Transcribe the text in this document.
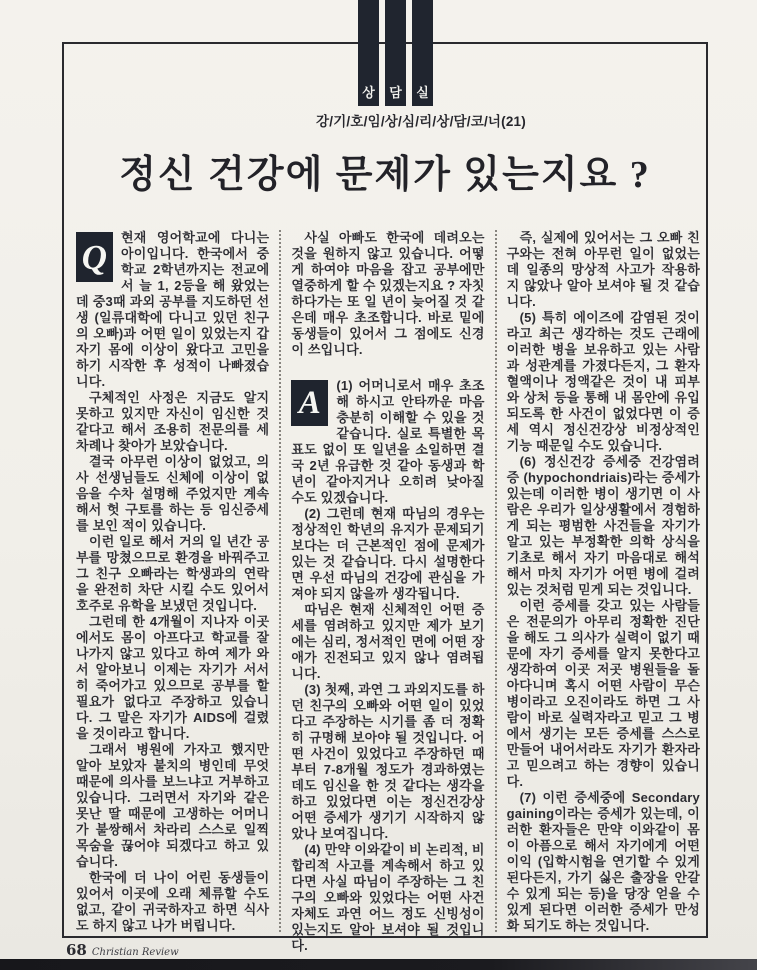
상	담	실
강/기/호/임/상/심/리/상/담/코/너(21)
정신 건강에 문제가 있는지요 ?

Q	현재 영어학교에 다니는 아이입니다. 한국에서 중학교 2학년까지는 전교에서 늘 1, 2등을 해 왔었는데 중3때 과외 공부를 지도하던 선생 (일류대학에 다니고 있던 친구의 오빠)과 어떤 일이 있었는지 갑자기 몸에 이상이 왔다고 고민을 하기 시작한 후 성적이 나빠졌습니다.

구체적인 사정은 지금도 알지 못하고 있지만 자신이 임신한 것 같다고 해서 조용히 전문의를 세 차례나 찾아가 보았습니다.

결국 아무런 이상이 없었고, 의사 선생님들도 신체에 이상이 없음을 수차 설명해 주었지만 계속해서 헛 구토를 하는 등 임신증세를 보인 적이 있습니다.

이런 일로 해서 거의 일 년간 공부를 망쳤으므로 환경을 바꿔주고 그 친구 오빠라는 학생과의 연락을 완전히 차단 시킬 수도 있어서 호주로 유학을 보냈던 것입니다.

그런데 한 4개월이 지나자 이곳에서도 몸이 아프다고 학교를 잘 나가지 않고 있다고 하여 제가 와서 알아보니 이제는 자기가 서서히 죽어가고 있으므로 공부를 할 필요가 없다고 주장하고 있습니다. 그 말은 자기가 AIDS에 걸렸을 것이라고 합니다.

그래서 병원에 가자고 했지만 알아 보았자 불치의 병인데 무엇 때문에 의사를 보느냐고 거부하고 있습니다. 그러면서 자기와 같은 못난 딸 때문에 고생하는 어머니가 불쌍해서 차라리 스스로 일찍 목숨을 끊어야 되겠다고 하고 있습니다.

한국에 더 나이 어린 동생들이 있어서 이곳에 오래 체류할 수도 없고, 같이 귀국하자고 하면 식사도 하지 않고 나가 버립니다.

사실 아빠도 한국에 데려오는 것을 원하지 않고 있습니다. 어떻게 하여야 마음을 잡고 공부에만 열중하게 할 수 있겠는지요 ? 자칫하다가는 또 일 년이 늦어질 것 같은데 매우 초조합니다. 바로 밑에 동생들이 있어서 그 점에도 신경이 쓰입니다.

A	(1) 어머니로서 매우 초조해 하시고 안타까운 마음 충분히 이해할 수 있을 것 같습니다. 실로 특별한 목표도 없이 또 일년을 소일하면 결국 2년 유급한 것 같아 동생과 학년이 같아지거나 오히려 낮아질 수도 있겠습니다.

(2) 그런데 현재 따님의 경우는 정상적인 학년의 유지가 문제되기 보다는 더 근본적인 점에 문제가 있는 것 같습니다. 다시 설명한다면 우선 따님의 건강에 관심을 가져야 되지 않을까 생각됩니다.

따님은 현재 신체적인 어떤 증세를 염려하고 있지만 제가 보기에는 심리, 정서적인 면에 어떤 장애가 진전되고 있지 않나 염려됩니다.

(3) 첫째, 과연 그 과외지도를 하던 친구의 오빠와 어떤 일이 있었다고 주장하는 시기를 좀 더 정확히 규명해 보아야 될 것입니다. 어떤 사건이 있었다고 주장하던 때부터 7-8개월 정도가 경과하였는데도 임신을 한 것 같다는 생각을 하고 있었다면 이는 정신건강상 어떤 증세가 생기기 시작하지 않았나 보여집니다.

(4) 만약 이와같이 비 논리적, 비합리적 사고를 계속해서 하고 있다면 사실 따님이 주장하는 그 친구의 오빠와 있었다는 어떤 사건 자체도 과연 어느 정도 신빙성이 있는지도 알아 보셔야 될 것입니다.

즉, 실제에 있어서는 그 오빠 친구와는 전혀 아무런 일이 없었는데 일종의 망상적 사고가 작용하지 않았나 알아 보셔야 될 것 같습니다.

(5) 특히 에이즈에 감염된 것이라고 최근 생각하는 것도 근래에 이러한 병을 보유하고 있는 사람과 성관계를 가졌다든지, 그 환자 혈액이나 정액같은 것이 내 피부와 상처 등을 통해 내 몸안에 유입되도록 한 사건이 없었다면 이 증세 역시 정신건강상 비정상적인 기능 때문일 수도 있습니다.

(6) 정신건강 증세중 건강염려증 (hypochondriais)라는 증세가 있는데 이러한 병이 생기면 이 사람은 우리가 일상생활에서 경험하게 되는 평범한 사건들을 자기가 알고 있는 부정확한 의학 상식을 기초로 해서 자기 마음대로 해석해서 마치 자기가 어떤 병에 걸려있는 것처럼 믿게 되는 것입니다.

이런 증세를 갖고 있는 사람들은 전문의가 아무리 정확한 진단을 해도 그 의사가 실력이 없기 때문에 자기 증세를 알지 못한다고 생각하여 이곳 저곳 병원들을 돌아다니며 혹시 어떤 사람이 무슨 병이라고 오진이라도 하면 그 사람이 바로 실력자라고 믿고 그 병에서 생기는 모든 증세를 스스로 만들어 내어서라도 자기가 환자라고 믿으려고 하는 경향이 있습니다.

(7) 이런 증세중에 Secondary gaining이라는 증세가 있는데, 이러한 환자들은 만약 이와같이 몸이 아픔으로 해서 자기에게 어떤 이익 (입학시험을 연기할 수 있게 된다든지, 가기 싫은 출장을 안갈 수 있게 되는 등)을 당장 얻을 수 있게 된다면 이러한 증세가 만성화 되기도 하는 것입니다.

68 Christian Review
